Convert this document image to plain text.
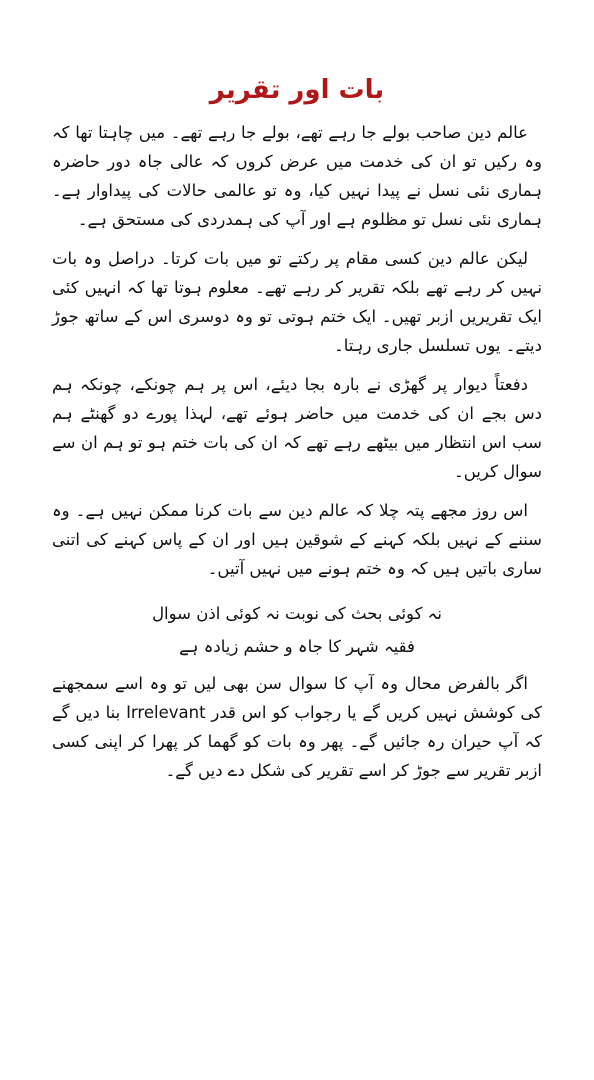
بات اور تقریر

عالم دین صاحب بولے جا رہے تھے، بولے جا رہے تھے۔ میں چاہتا تھا کہ وہ رکیں تو ان کی خدمت میں عرض کروں کہ عالی جاہ دور حاضرہ ہماری نئی نسل نے پیدا نہیں کیا، وہ تو عالمی حالات کی پیداوار ہے۔ ہماری نئی نسل تو مظلوم ہے اور آپ کی ہمدردی کی مستحق ہے۔

لیکن عالم دین کسی مقام پر رکتے تو میں بات کرتا۔ دراصل وہ بات نہیں کر رہے تھے بلکہ تقریر کر رہے تھے۔ معلوم ہوتا تھا کہ انہیں کئی ایک تقریریں ازبر تھیں۔ ایک ختم ہوتی تو وہ دوسری اس کے ساتھ جوڑ دیتے۔ یوں تسلسل جاری رہتا۔

دفعتاً دیوار پر گھڑی نے بارہ بجا دیئے، اس پر ہم چونکے، چونکہ ہم دس بجے ان کی خدمت میں حاضر ہوئے تھے، لہذا پورے دو گھنٹے ہم سب اس انتظار میں بیٹھے رہے تھے کہ ان کی بات ختم ہو تو ہم ان سے سوال کریں۔

اس روز مجھے پتہ چلا کہ عالم دین سے بات کرنا ممکن نہیں ہے۔ وہ سننے کے نہیں بلکہ کہنے کے شوقین ہیں اور ان کے پاس کہنے کی اتنی ساری باتیں ہیں کہ وہ ختم ہونے میں نہیں آتیں۔

نہ کوئی بحث کی نوبت نہ کوئی اذن سوال
فقیہ شہر کا جاہ و حشم زیادہ ہے

اگر بالفرض محال وہ آپ کا سوال سن بھی لیں تو وہ اسے سمجھنے کی کوشش نہیں کریں گے یا رجواب کو اس قدر Irrelevant بنا دیں گے کہ آپ حیران رہ جائیں گے۔ پھر وہ بات کو گھما کر پھرا کر اپنی کسی ازبر تقریر سے جوڑ کر اسے تقریر کی شکل دے دیں گے۔
